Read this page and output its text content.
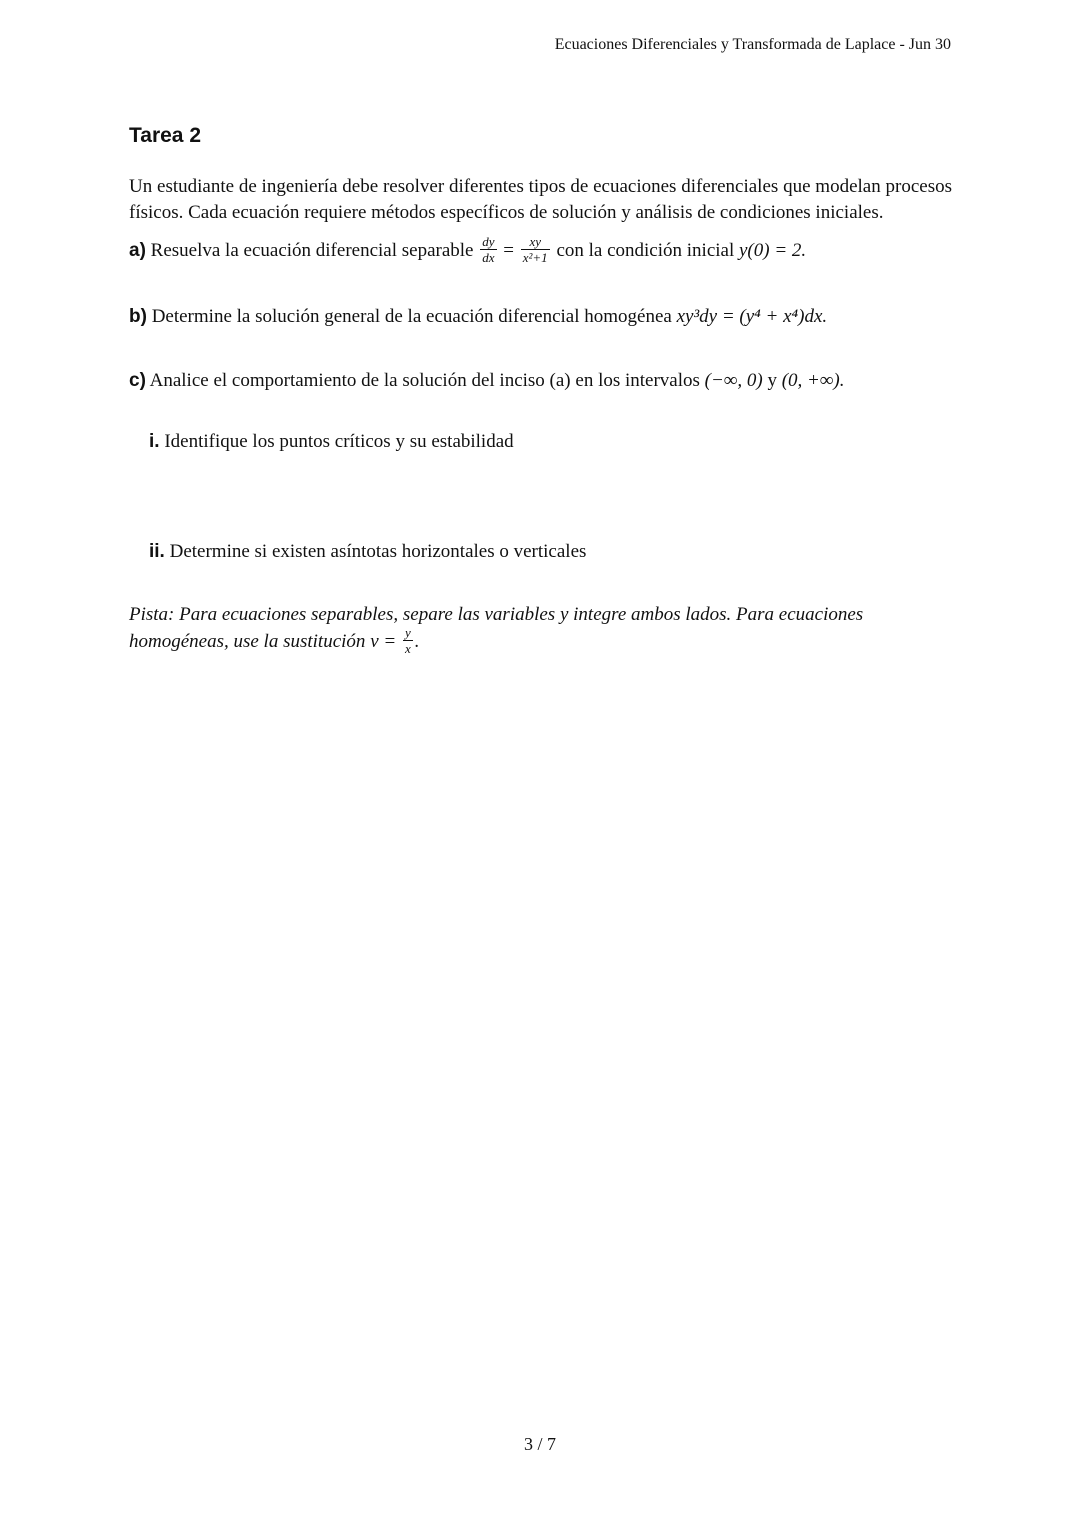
Ecuaciones Diferenciales y Transformada de Laplace - Jun 30
Tarea 2

Un estudiante de ingeniería debe resolver diferentes tipos de ecuaciones diferenciales que modelan procesos físicos. Cada ecuación requiere métodos específicos de solución y análisis de condiciones iniciales.

a) Resuelva la ecuación diferencial separable $\frac{dy}{dx} = \frac{xy}{\text{x²+1}}$ con la condición inicial y(0) = 2.

b) Determine la solución general de la ecuación diferencial homogénea xy³dy = (y⁴ + x⁴)dx.

c) Analice el comportamiento de la solución del inciso (a) en los intervalos (−∞, 0) y (0, +∞).

i. Identifique los puntos críticos y su estabilidad

ii. Determine si existen asíntotas horizontales o verticales

Pista: Para ecuaciones separables, separe las variables y integre ambos lados. Para ecuaciones homogéneas, use la sustitución $v = \frac{y}{x}$ .

3 / 7
